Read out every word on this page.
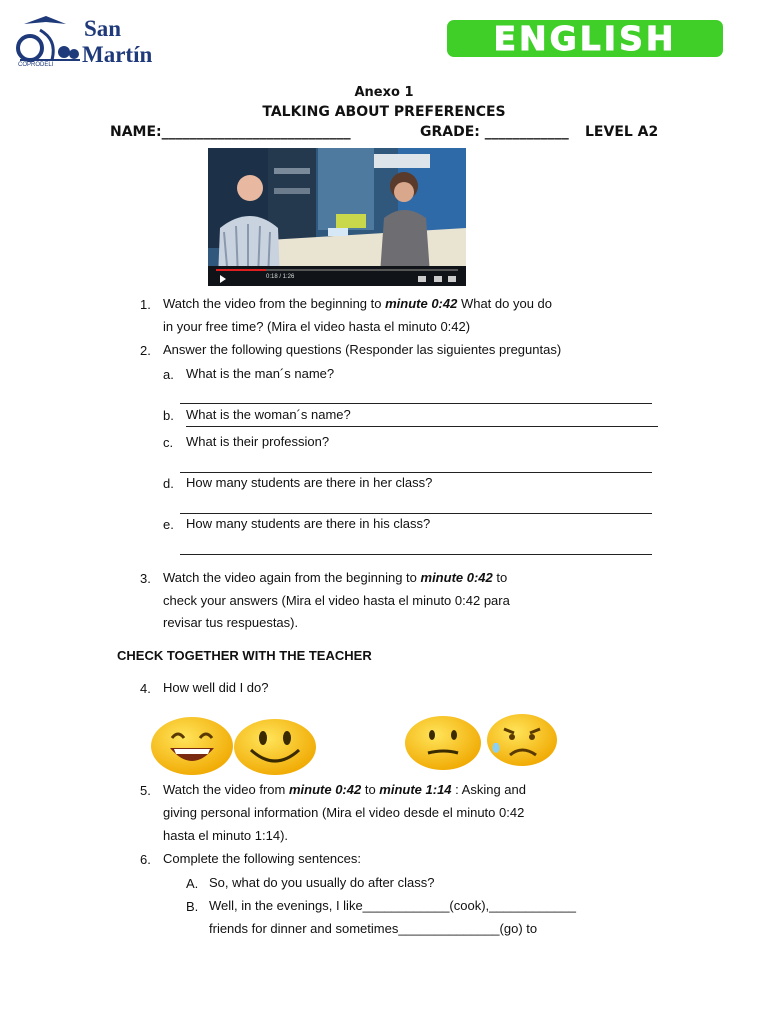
San
Martín
COPRODELI
ENGLISH
Anexo 1
TALKING ABOUT PREFERENCES
NAME:___________________________	GRADE: ____________ LEVEL A2
0:18 / 1:26
1. Watch the video from the beginning to minute 0:42 What do you do
in your free time? (Mira el video hasta el minuto 0:42)
2. Answer the following questions (Responder las siguientes preguntas)
a. What is the man´s name?
b. What is the woman´s name?
c. What is their profession?
d. How many students are there in her class?
e. How many students are there in his class?
3. Watch the video again from the beginning to minute 0:42 to
check your answers (Mira el video hasta el minuto 0:42 para
revisar tus respuestas).
CHECK TOGETHER WITH THE TEACHER
4. How well did I do?
5. Watch the video from minute 0:42 to minute 1:14 : Asking and
giving personal information (Mira el video desde el minuto 0:42
hasta el minuto 1:14).
6. Complete the following sentences:
A. So, what do you usually do after class?
B. Well, in the evenings, I like____________(cook),____________
friends for dinner and sometimes______________(go) to
